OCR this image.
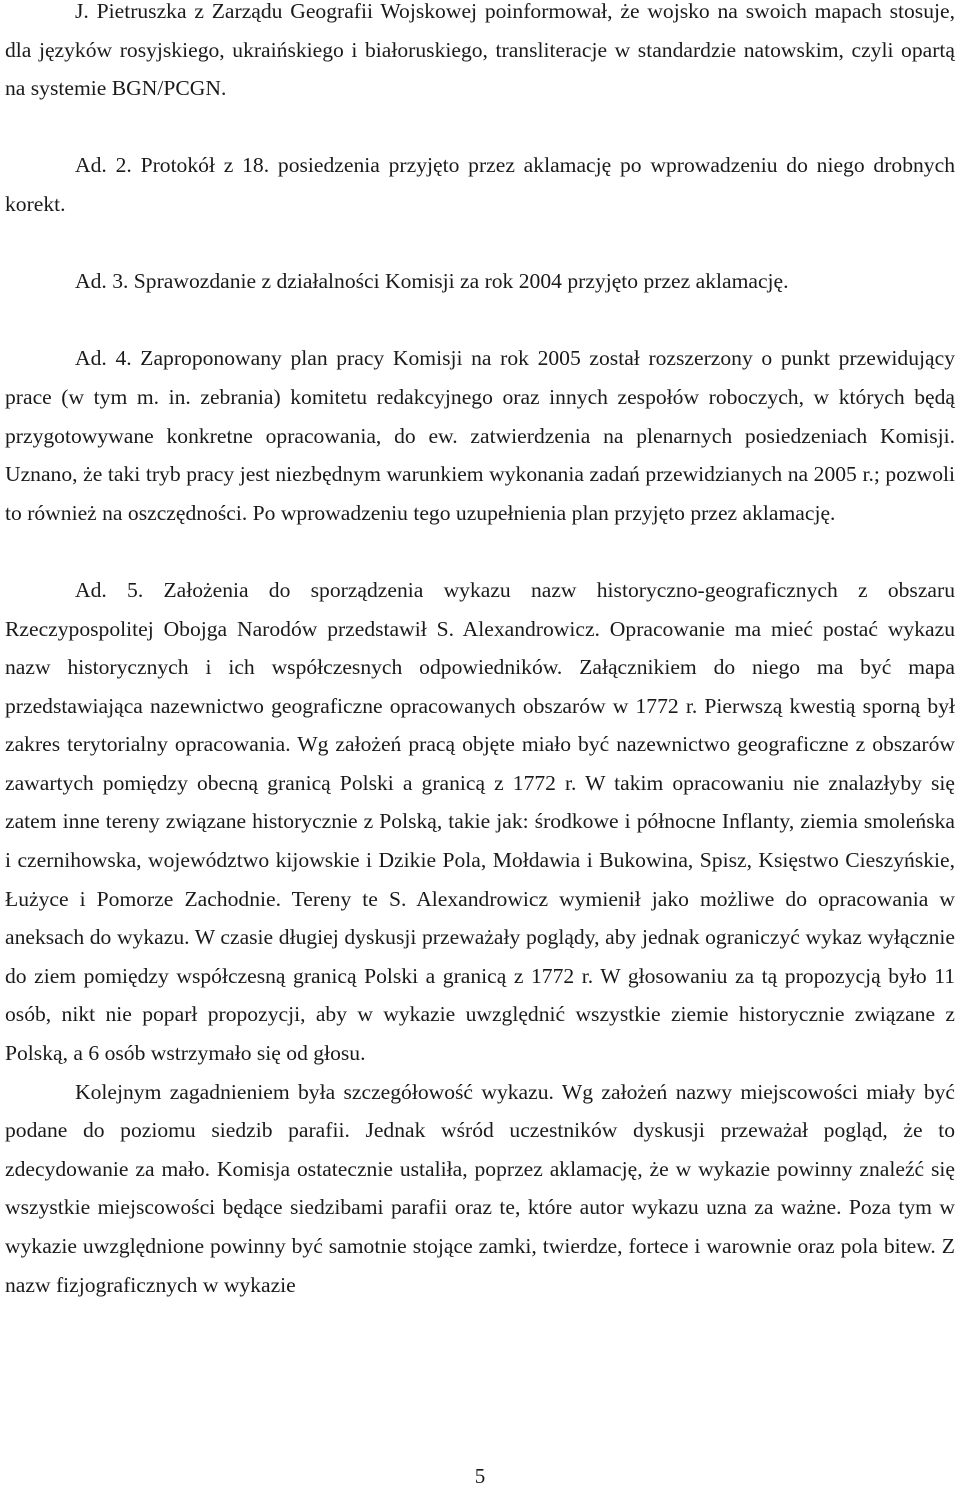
J. Pietruszka z Zarządu Geografii Wojskowej poinformował, że wojsko na swoich mapach stosuje, dla języków rosyjskiego, ukraińskiego i białoruskiego, transliteracje w standardzie natowskim, czyli opartą na systemie BGN/PCGN.

Ad. 2. Protokół z 18. posiedzenia przyjęto przez aklamację po wprowadzeniu do niego drobnych korekt.

Ad. 3. Sprawozdanie z działalności Komisji za rok 2004 przyjęto przez aklamację.

Ad. 4. Zaproponowany plan pracy Komisji na rok 2005 został rozszerzony o punkt przewidujący prace (w tym m. in. zebrania) komitetu redakcyjnego oraz innych zespołów roboczych, w których będą przygotowywane konkretne opracowania, do ew. zatwierdzenia na plenarnych posiedzeniach Komisji. Uznano, że taki tryb pracy jest niezbędnym warunkiem wykonania zadań przewidzianych na 2005 r.; pozwoli to również na oszczędności. Po wprowadzeniu tego uzupełnienia plan przyjęto przez aklamację.

Ad. 5. Założenia do sporządzenia wykazu nazw historyczno-geograficznych z obszaru Rzeczypospolitej Obojga Narodów przedstawił S. Alexandrowicz. Opracowanie ma mieć postać wykazu nazw historycznych i ich współczesnych odpowiedników. Załącznikiem do niego ma być mapa przedstawiająca nazewnictwo geograficzne opracowanych obszarów w 1772 r. Pierwszą kwestią sporną był zakres terytorialny opracowania. Wg założeń pracą objęte miało być nazewnictwo geograficzne z obszarów zawartych pomiędzy obecną granicą Polski a granicą z 1772 r. W takim opracowaniu nie znalazłyby się zatem inne tereny związane historycznie z Polską, takie jak: środkowe i północne Inflanty, ziemia smoleńska i czernihowska, województwo kijowskie i Dzikie Pola, Mołdawia i Bukowina, Spisz, Księstwo Cieszyńskie, Łużyce i Pomorze Zachodnie. Tereny te S. Alexandrowicz wymienił jako możliwe do opracowania w aneksach do wykazu. W czasie długiej dyskusji przeważały poglądy, aby jednak ograniczyć wykaz wyłącznie do ziem pomiędzy współczesną granicą Polski a granicą z 1772 r. W głosowaniu za tą propozycją było 11 osób, nikt nie poparł propozycji, aby w wykazie uwzględnić wszystkie ziemie historycznie związane z Polską, a 6 osób wstrzymało się od głosu.

Kolejnym zagadnieniem była szczegółowość wykazu. Wg założeń nazwy miejscowości miały być podane do poziomu siedzib parafii. Jednak wśród uczestników dyskusji przeważał pogląd, że to zdecydowanie za mało. Komisja ostatecznie ustaliła, poprzez aklamację, że w wykazie powinny znaleźć się wszystkie miejscowości będące siedzibami parafii oraz te, które autor wykazu uzna za ważne. Poza tym w wykazie uwzględnione powinny być samotnie stojące zamki, twierdze, fortece i warownie oraz pola bitew. Z nazw fizjograficznych w wykazie

5
